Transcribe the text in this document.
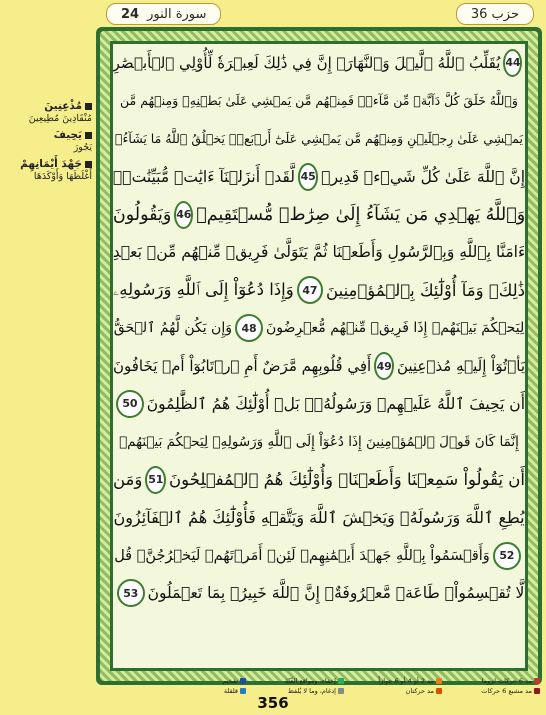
24 سورة النور	حزب 36
44
يُقَلِّبُ ٱللَّهُ ٱلَّيۡلَ وَٱلنَّهَارَۚ إِنَّ فِي ذَٰلِكَ لَعِبۡرَةٗ لِّأُوْلِي ٱلۡأَبۡصَٰرِ
وَٱللَّهُ خَلَقَ كُلَّ دَآبَّةٖ مِّن مَّآءٖۖ فَمِنۡهُم مَّن يَمۡشِي عَلَىٰ بَطۡنِهِۦ وَمِنۡهُم مَّن
يَمۡشِي عَلَىٰ رِجۡلَيۡنِ وَمِنۡهُم مَّن يَمۡشِي عَلَىٰٓ أَرۡبَعٖۚ يَخۡلُقُ ٱللَّهُ مَا يَشَآءُۚ
إِنَّ ٱللَّهَ عَلَىٰ كُلِّ شَيۡءٖ قَدِيرٞ
45
لَّقَدۡ أَنزَلۡنَآ ءَايَٰتٖ مُّبَيِّنَٰتٖۚ
وَٱللَّهُ يَهۡدِي مَن يَشَآءُ إِلَىٰ صِرَٰطٖ مُّسۡتَقِيمٖ
46
وَيَقُولُونَ
ءَامَنَّا بِٱللَّهِ وَبِٱلرَّسُولِ وَأَطَعۡنَا ثُمَّ يَتَوَلَّىٰ فَرِيقٞ مِّنۡهُم مِّنۢ بَعۡدِ
ذَٰلِكَۚ وَمَآ أُوْلَٰٓئِكَ بِٱلۡمُؤۡمِنِينَ
47
وَإِذَا دُعُوٓاْ إِلَى ٱللَّهِ وَرَسُولِهِۦ
لِيَحۡكُمَ بَيۡنَهُمۡ إِذَا فَرِيقٞ مِّنۡهُم مُّعۡرِضُونَ
48
وَإِن يَكُن لَّهُمُ ٱلۡحَقُّ
يَأۡتُوٓاْ إِلَيۡهِ مُذۡعِنِينَ
49
أَفِي قُلُوبِهِم مَّرَضٌ أَمِ ٱرۡتَابُوٓاْ أَمۡ يَخَافُونَ
أَن يَحِيفَ ٱللَّهُ عَلَيۡهِمۡ وَرَسُولُهُۥۚ بَلۡ أُوْلَٰٓئِكَ هُمُ ٱلظَّٰلِمُونَ
50
إِنَّمَا كَانَ قَوۡلَ ٱلۡمُؤۡمِنِينَ إِذَا دُعُوٓاْ إِلَى ٱللَّهِ وَرَسُولِهِۦ لِيَحۡكُمَ بَيۡنَهُمۡ
أَن يَقُولُواْ سَمِعۡنَا وَأَطَعۡنَاۚ وَأُوْلَٰٓئِكَ هُمُ ٱلۡمُفۡلِحُونَ
51
وَمَن
يُطِعِ ٱللَّهَ وَرَسُولَهُۥ وَيَخۡشَ ٱللَّهَ وَيَتَّقۡهِ فَأُوْلَٰٓئِكَ هُمُ ٱلۡفَآئِزُونَ
52
وَأَقۡسَمُواْ بِٱللَّهِ جَهۡدَ أَيۡمَٰنِهِمۡ لَئِنۡ أَمَرۡتَهُمۡ لَيَخۡرُجُنَّۖ قُل
لَّا تُقۡسِمُواْۖ طَاعَةٞ مَّعۡرُوفَةٌۚ إِنَّ ٱللَّهَ خَبِيرُۢ بِمَا تَعۡمَلُونَ
53
مُذْعِنِينَ
مُنْقَادِينَ مُطِيعِينَ
يَحِيفَ
يَجُورَ
جَهْدَ أَيْمَانِهِمْ
أَغْلَظَهَا وَأَوْكَدَهَا
مد 6 حركات لزوما
مد 2 أو 4 أو 6 جوازاً
إخفاء، ومواقع الغُنّة
تفخيم
مد مشبع 6 حركات
مد حركتان
إدغام، وما لا يُلفظ
قلقلة
356
